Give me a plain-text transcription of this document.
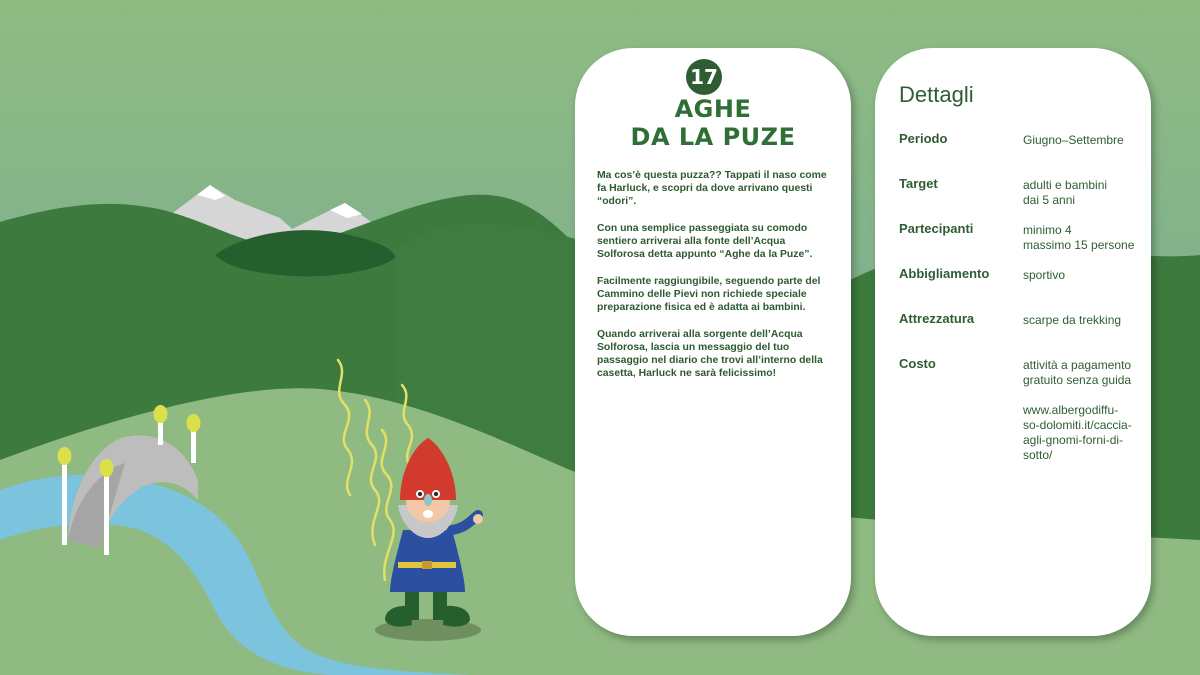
17
AGHE
DA LA PUZE

Ma cos’è questa puzza?? Tappati il naso come fa Harluck, e scopri da dove arrivano questi “odori”.

Con una semplice passeggiata su comodo sentiero arriverai alla fonte dell’Acqua Solforosa detta appunto “Aghe da la Puze”.

Facilmente raggiungibile, seguendo parte del Cammino delle Pievi non richiede speciale preparazione fisica ed è adatta ai bambini.

Quando arriverai alla sorgente dell’Acqua Solforosa, lascia un messaggio del tuo passaggio nel diario che trovi all’interno della casetta, Harluck ne sarà felicissimo!

Dettagli
Periodo	Giugno–Settembre
Target	adulti e bambini
dai 5 anni
Partecipanti	minimo 4
massimo 15 persone
Abbigliamento	sportivo
Attrezzatura	scarpe da trekking
Costo	attività a pagamento
gratuito senza guida
www.albergodiffu-
so-dolomiti.it/caccia-
agli-gnomi-forni-di-
sotto/
